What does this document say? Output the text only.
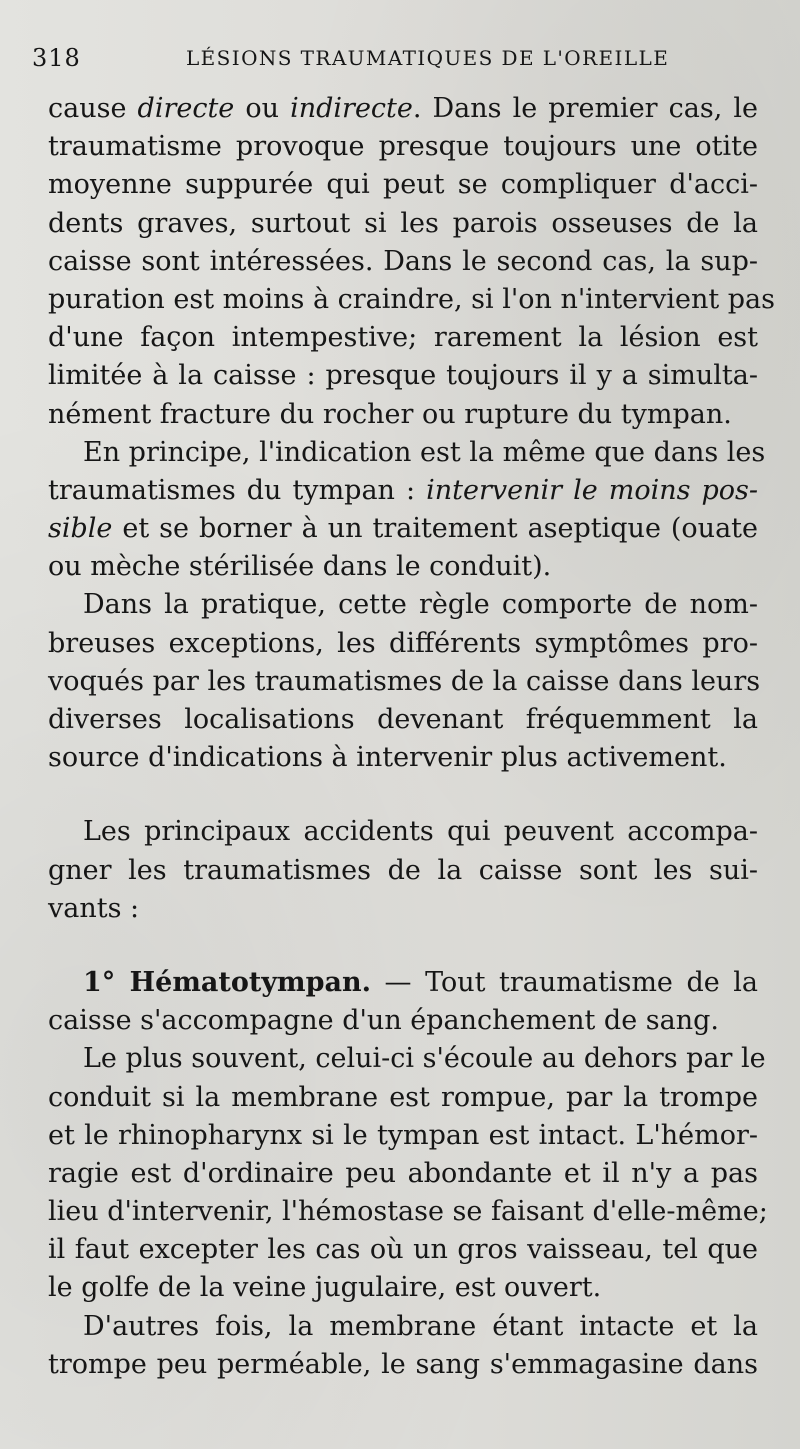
318	LÉSIONS TRAUMATIQUES DE L'OREILLE
cause directe ou indirecte. Dans le premier cas, le
traumatisme provoque presque toujours une otite
moyenne suppurée qui peut se compliquer d'acci-
dents graves, surtout si les parois osseuses de la
caisse sont intéressées. Dans le second cas, la sup-
puration est moins à craindre, si l'on n'intervient pas
d'une façon intempestive; rarement la lésion est
limitée à la caisse : presque toujours il y a simulta-
nément fracture du rocher ou rupture du tympan.
En principe, l'indication est la même que dans les
traumatismes du tympan : intervenir le moins pos-
sible et se borner à un traitement aseptique (ouate
ou mèche stérilisée dans le conduit).
Dans la pratique, cette règle comporte de nom-
breuses exceptions, les différents symptômes pro-
voqués par les traumatismes de la caisse dans leurs
diverses localisations devenant fréquemment la
source d'indications à intervenir plus activement.
Les principaux accidents qui peuvent accompa-
gner les traumatismes de la caisse sont les sui-
vants :
1° Hématotympan. — Tout traumatisme de la
caisse s'accompagne d'un épanchement de sang.
Le plus souvent, celui-ci s'écoule au dehors par le
conduit si la membrane est rompue, par la trompe
et le rhinopharynx si le tympan est intact. L'hémor-
ragie est d'ordinaire peu abondante et il n'y a pas
lieu d'intervenir, l'hémostase se faisant d'elle-même;
il faut excepter les cas où un gros vaisseau, tel que
le golfe de la veine jugulaire, est ouvert.
D'autres fois, la membrane étant intacte et la
trompe peu perméable, le sang s'emmagasine dans
